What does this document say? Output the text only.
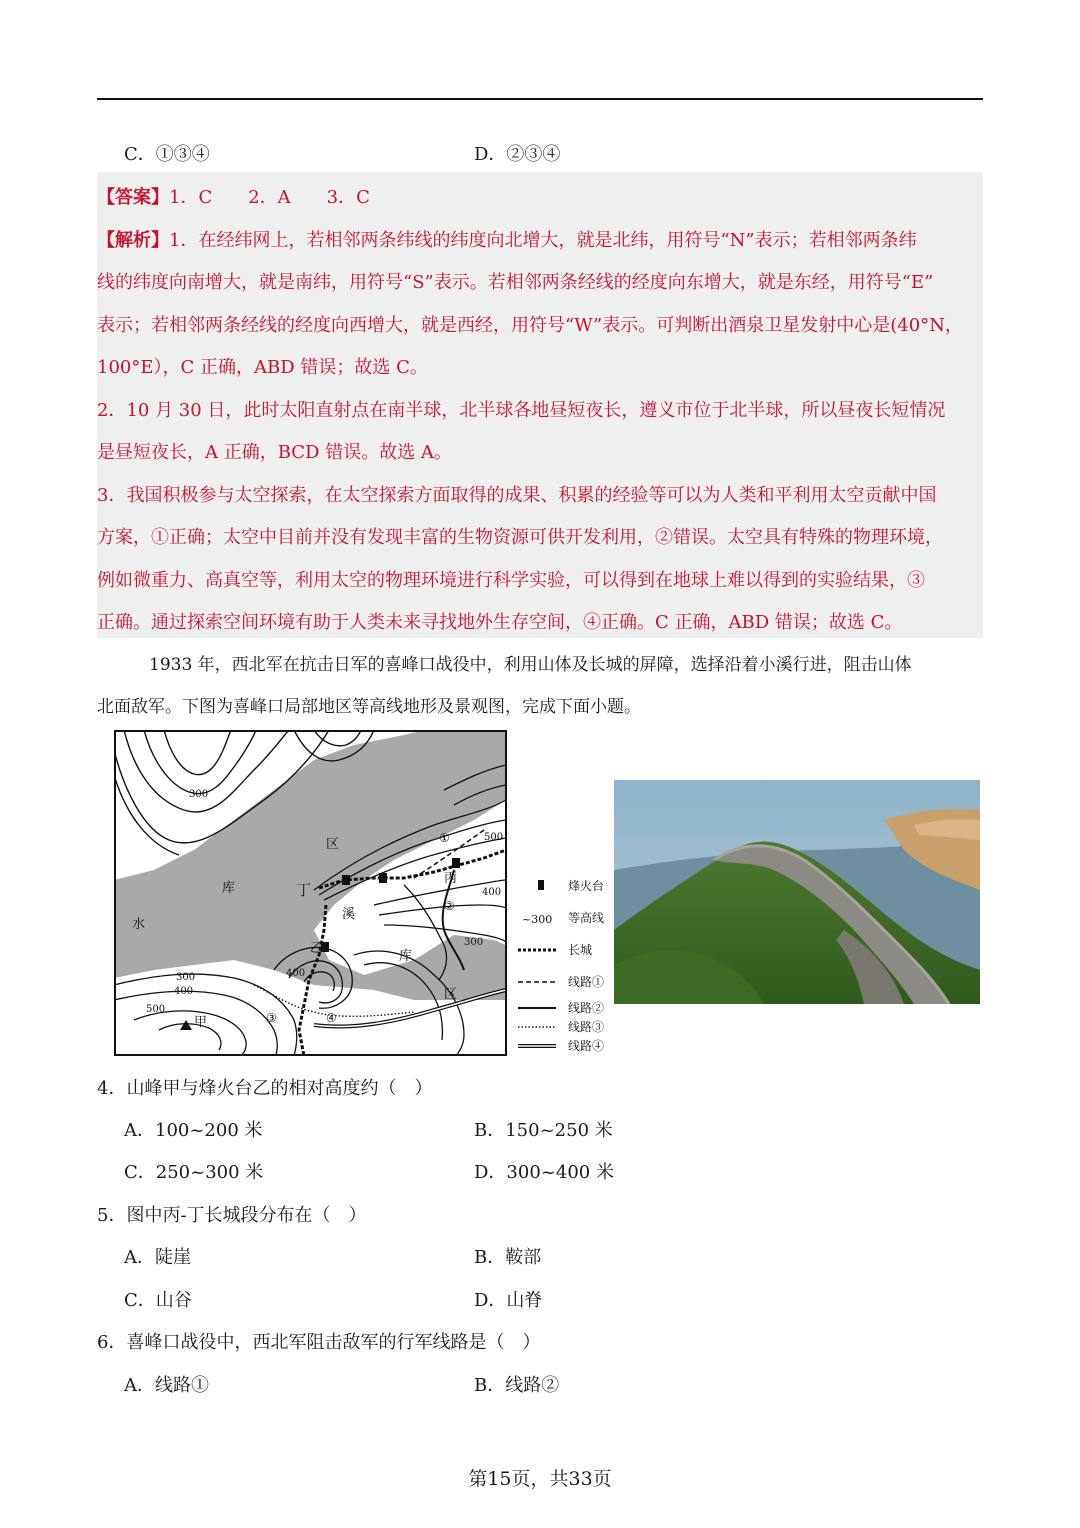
C．①③④	D．②③④
【答案】1．C　　2．A　　3．C
【解析】1．在经纬网上，若相邻两条纬线的纬度向北增大，就是北纬，用符号“N”表示；若相邻两条纬
线的纬度向南增大，就是南纬，用符号“S”表示。若相邻两条经线的经度向东增大，就是东经，用符号“E”
表示；若相邻两条经线的经度向西增大，就是西经，用符号“W”表示。可判断出酒泉卫星发射中心是(40°N，
100°E），C 正确，ABD 错误；故选 C。
2．10 月 30 日，此时太阳直射点在南半球，北半球各地昼短夜长，遵义市位于北半球，所以昼夜长短情况
是昼短夜长，A 正确，BCD 错误。故选 A。
3．我国积极参与太空探索，在太空探索方面取得的成果、积累的经验等可以为人类和平利用太空贡献中国
方案，①正确；太空中目前并没有发现丰富的生物资源可供开发利用，②错误。太空具有特殊的物理环境，
例如微重力、高真空等，利用太空的物理环境进行科学实验，可以得到在地球上难以得到的实验结果，③
正确。通过探索空间环境有助于人类未来寻找地外生存空间，④正确。C 正确，ABD 错误；故选 C。
1933 年，西北军在抗击日军的喜峰口战役中，利用山体及长城的屏障，选择沿着小溪行进，阻击山体
北面敌军。下图为喜峰口局部地区等高线地形及景观图，完成下面小题。
水
库
区
库
区
溪
丁
丙
乙
甲
300
300
300
400
400
400
500
500
①
②
③	④
烽火台
~300 等高线
长城
线路①
线路②
线路③
线路④
4．山峰甲与烽火台乙的相对高度约（　）
A．100~200 米	B．150~250 米
C．250~300 米	D．300~400 米
5．图中丙-丁长城段分布在（　）
A．陡崖	B．鞍部
C．山谷	D．山脊
6．喜峰口战役中，西北军阻击敌军的行军线路是（　）
A．线路①	B．线路②
第15页，共33页
